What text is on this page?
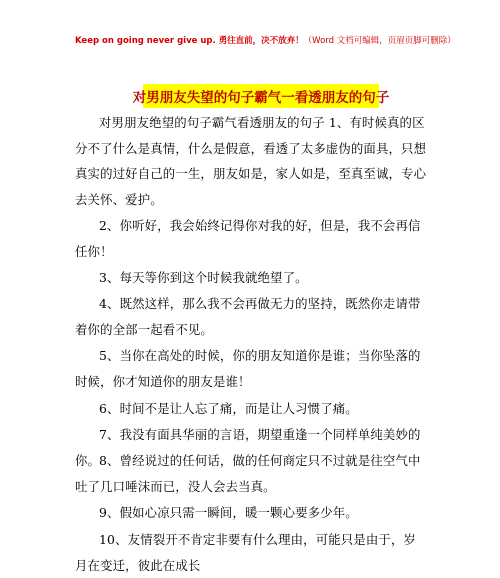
Keep on going never give up. 勇往直前，决不放弃！（Word 文档可编辑，页眉页脚可删除）
对男朋友失望的句子霸气一看透朋友的句子
对男朋友绝望的句子霸气看透朋友的句子 1、有时候真的区分不了什么是真情，什么是假意，看透了太多虚伪的面具，只想真实的过好自己的一生，朋友如是，家人如是，至真至诚，专心去关怀、爱护。
2、你听好，我会始终记得你对我的好，但是，我不会再信任你！
3、每天等你到这个时候我就绝望了。
4、既然这样，那么我不会再做无力的坚持，既然你走请带着你的全部一起看不见。
5、当你在高处的时候，你的朋友知道你是谁；当你坠落的时候，你才知道你的朋友是谁！
6、时间不是让人忘了痛，而是让人习惯了痛。
7、我没有面具华丽的言语，期望重逢一个同样单纯美妙的你。
8、曾经说过的任何话，做的任何商定只不过就是往空气中吐了几口唾沫而已，没人会去当真。
9、假如心凉只需一瞬间，暖一颗心要多少年。
10、友情裂开不肯定非要有什么理由，可能只是由于，岁月在变迁，彼此在成长
